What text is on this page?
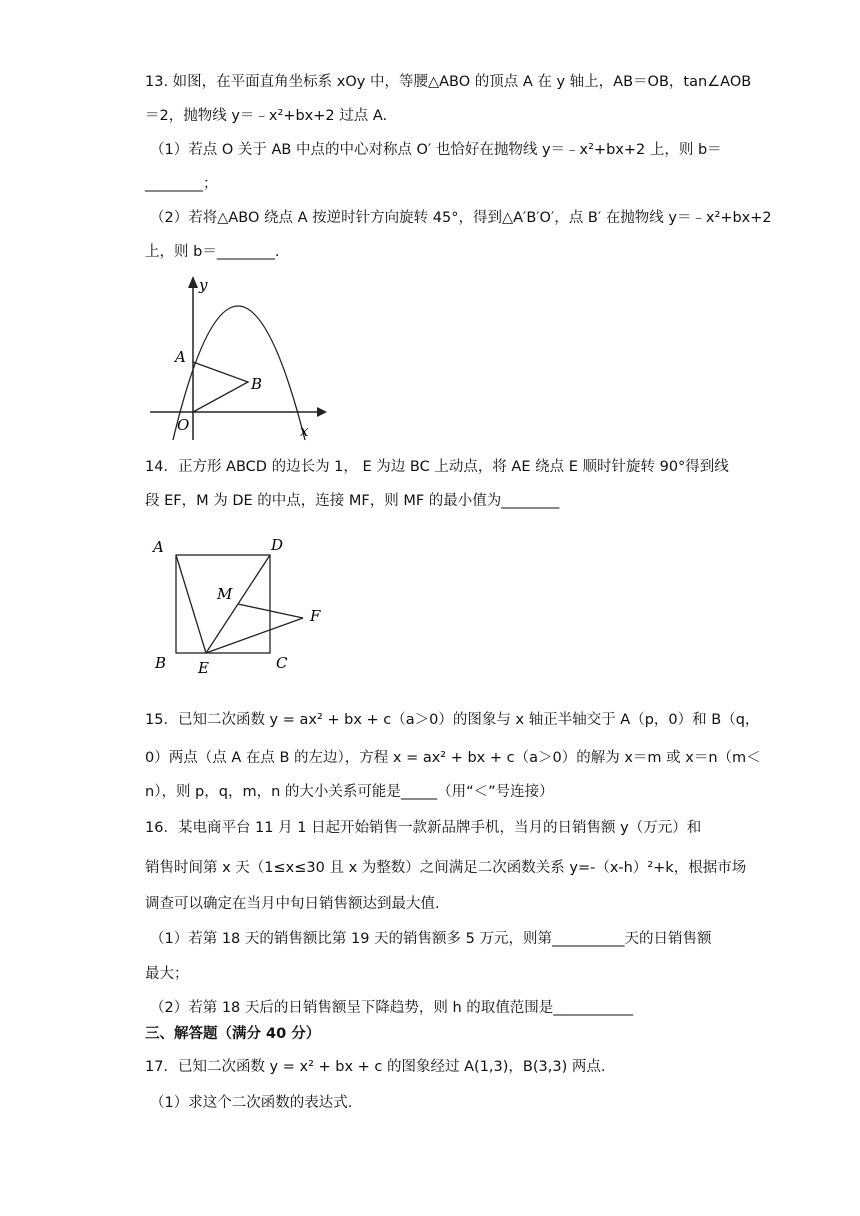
13. 如图，在平面直角坐标系 xOy 中，等腰△ABO 的顶点 A 在 y 轴上，AB＝OB，tan∠AOB
＝2，抛物线 y＝﹣x²+bx+2 过点 A.
（1）若点 O 关于 AB 中点的中心对称点 O′ 也恰好在抛物线 y＝﹣x²+bx+2 上，则 b＝
________；
（2）若将△ABO 绕点 A 按逆时针方向旋转 45°，得到△A′B′O′，点 B′ 在抛物线 y＝﹣x²+bx+2
上，则 b＝________.
y
x
A
B
O
14．正方形 ABCD 的边长为 1， E 为边 BC 上动点，将 AE 绕点 E 顺时针旋转 90°得到线
段 EF，M 为 DE 的中点，连接 MF，则 MF 的最小值为________
A	D
B	C
E
F
M
15．已知二次函数 y = ax² + bx + c（a＞0）的图象与 x 轴正半轴交于 A（p，0）和 B（q，
0）两点（点 A 在点 B 的左边），方程 x = ax² + bx + c（a＞0）的解为 x＝m 或 x＝n（m＜
n），则 p，q，m，n 的大小关系可能是_____（用“＜”号连接）
16．某电商平台 11 月 1 日起开始销售一款新品牌手机，当月的日销售额 y（万元）和
销售时间第 x 天（1≤x≤30 且 x 为整数）之间满足二次函数关系 y=-（x-h）²+k，根据市场
调查可以确定在当月中旬日销售额达到最大值.
（1）若第 18 天的销售额比第 19 天的销售额多 5 万元，则第__________天的日销售额
最大；
（2）若第 18 天后的日销售额呈下降趋势，则 h 的取值范围是___________
三、解答题（满分 40 分）
17．已知二次函数 y = x² + bx + c 的图象经过 A(1,3)，B(3,3) 两点.
（1）求这个二次函数的表达式.
